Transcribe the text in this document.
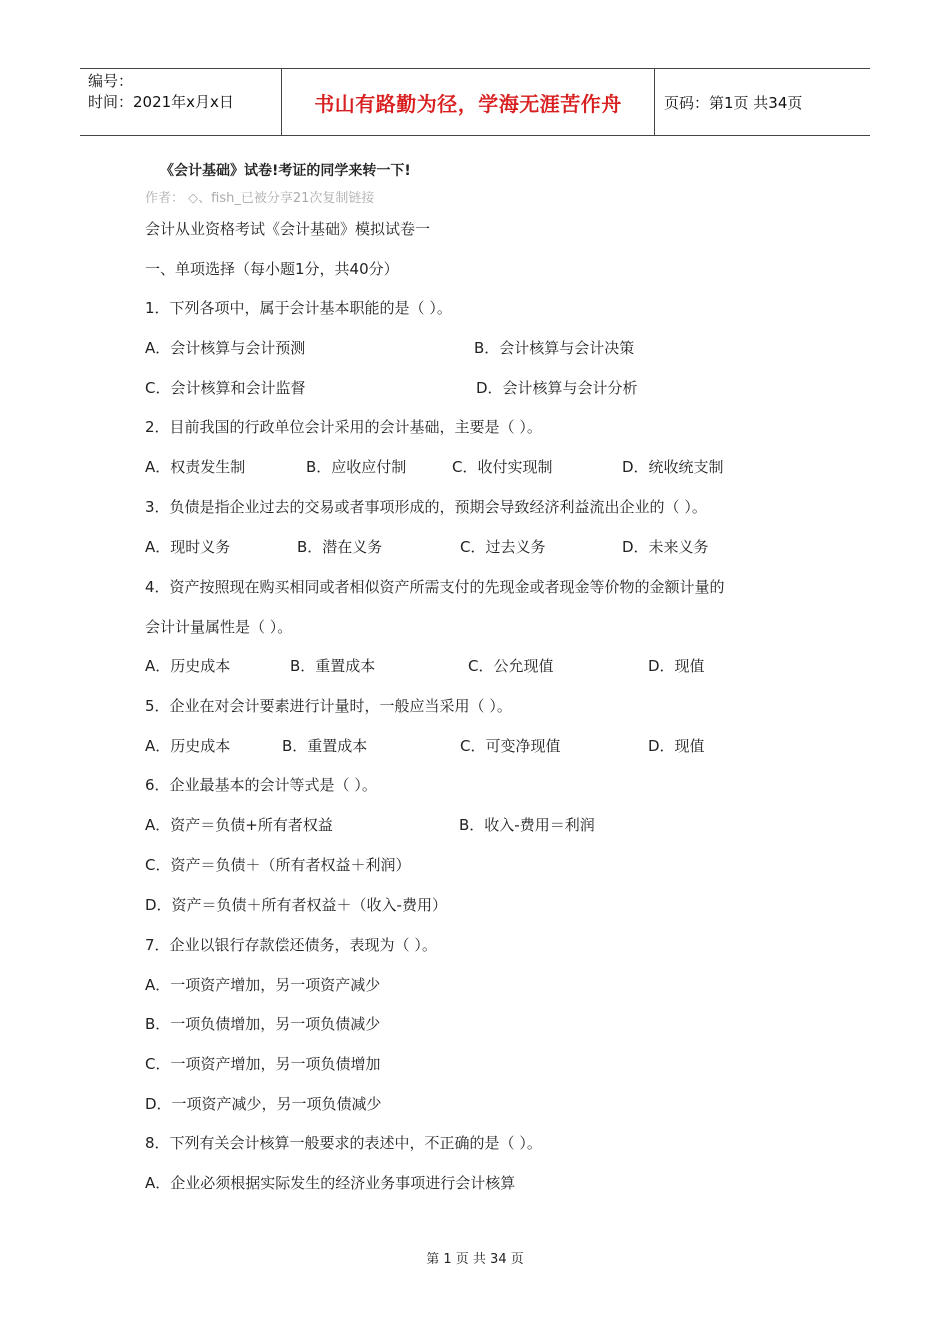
编号：
时间：2021年x月x日	书山有路勤为径，学海无涯苦作舟	页码：第1页 共34页
《会计基础》试卷!考证的同学来转一下!
作者： ◇、fish_已被分享21次复制链接
会计从业资格考试《会计基础》模拟试卷一
一、单项选择（每小题1分，共40分）
1．下列各项中，属于会计基本职能的是（ ）。
A．会计核算与会计预测	B．会计核算与会计决策
C．会计核算和会计监督	D．会计核算与会计分析
2．目前我国的行政单位会计采用的会计基础，主要是（ ）。
A．权责发生制	B．应收应付制	C．收付实现制	D．统收统支制
3．负债是指企业过去的交易或者事项形成的，预期会导致经济利益流出企业的（ ）。
A．现时义务	B．潜在义务	C．过去义务	D．未来义务
4．资产按照现在购买相同或者相似资产所需支付的先现金或者现金等价物的金额计量的
会计计量属性是（ ）。
A．历史成本	B．重置成本	C．公允现值	D．现值
5．企业在对会计要素进行计量时，一般应当采用（ ）。
A．历史成本	B．重置成本	C．可变净现值	D．现值
6．企业最基本的会计等式是（ ）。
A．资产＝负债+所有者权益	B．收入-费用＝利润
C．资产＝负债＋（所有者权益＋利润）
D．资产＝负债＋所有者权益＋（收入-费用）
7．企业以银行存款偿还债务，表现为（ ）。
A．一项资产增加，另一项资产减少
B．一项负债增加，另一项负债减少
C．一项资产增加，另一项负债增加
D．一项资产减少，另一项负债减少
8．下列有关会计核算一般要求的表述中，不正确的是（ ）。
A．企业必须根据实际发生的经济业务事项进行会计核算
第 1 页 共 34 页
